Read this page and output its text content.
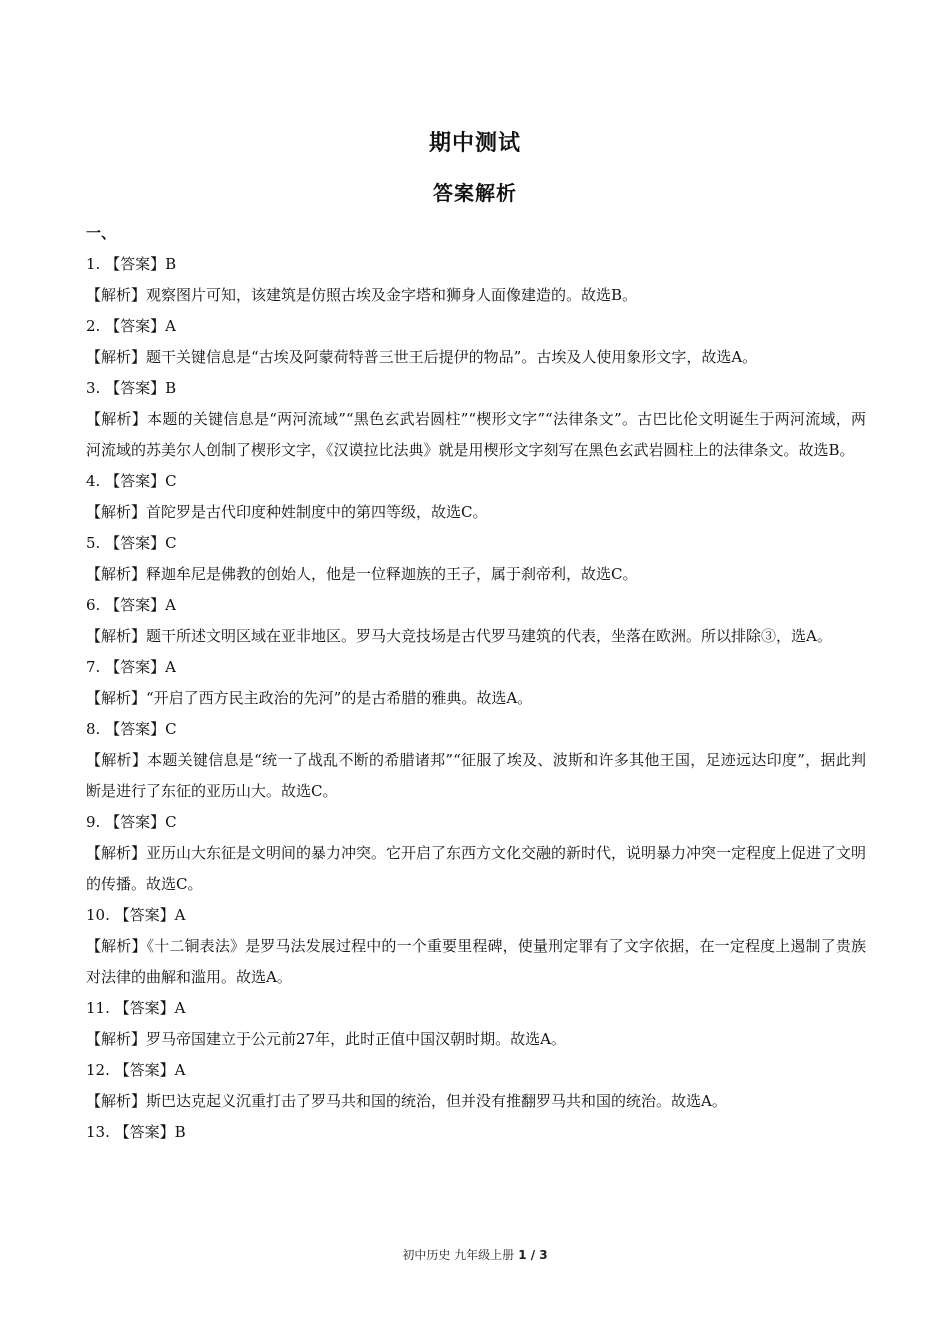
期中测试
答案解析
一、

1. 【答案】B

【解析】观察图片可知，该建筑是仿照古埃及金字塔和狮身人面像建造的。故选B。

2. 【答案】A

【解析】题干关键信息是“古埃及阿蒙荷特普三世王后提伊的物品”。古埃及人使用象形文字，故选A。

3. 【答案】B

【解析】本题的关键信息是“两河流域”“黑色玄武岩圆柱”“楔形文字”“法律条文”。古巴比伦文明诞生于两河流域，两河流域的苏美尔人创制了楔形文字，《汉谟拉比法典》就是用楔形文字刻写在黑色玄武岩圆柱上的法律条文。故选B。

4. 【答案】C

【解析】首陀罗是古代印度种姓制度中的第四等级，故选C。

5. 【答案】C

【解析】释迦牟尼是佛教的创始人，他是一位释迦族的王子，属于刹帝利，故选C。

6. 【答案】A

【解析】题干所述文明区域在亚非地区。罗马大竞技场是古代罗马建筑的代表，坐落在欧洲。所以排除③，选A。

7. 【答案】A

【解析】“开启了西方民主政治的先河”的是古希腊的雅典。故选A。

8. 【答案】C

【解析】本题关键信息是“统一了战乱不断的希腊诸邦”“征服了埃及、波斯和许多其他王国，足迹远达印度”，据此判断是进行了东征的亚历山大。故选C。

9. 【答案】C

【解析】亚历山大东征是文明间的暴力冲突。它开启了东西方文化交融的新时代，说明暴力冲突一定程度上促进了文明的传播。故选C。

10. 【答案】A

【解析】《十二铜表法》是罗马法发展过程中的一个重要里程碑，使量刑定罪有了文字依据，在一定程度上遏制了贵族对法律的曲解和滥用。故选A。

11. 【答案】A

【解析】罗马帝国建立于公元前27年，此时正值中国汉朝时期。故选A。

12. 【答案】A

【解析】斯巴达克起义沉重打击了罗马共和国的统治，但并没有推翻罗马共和国的统治。故选A。

13. 【答案】B

初中历史 九年级上册 1 / 3
